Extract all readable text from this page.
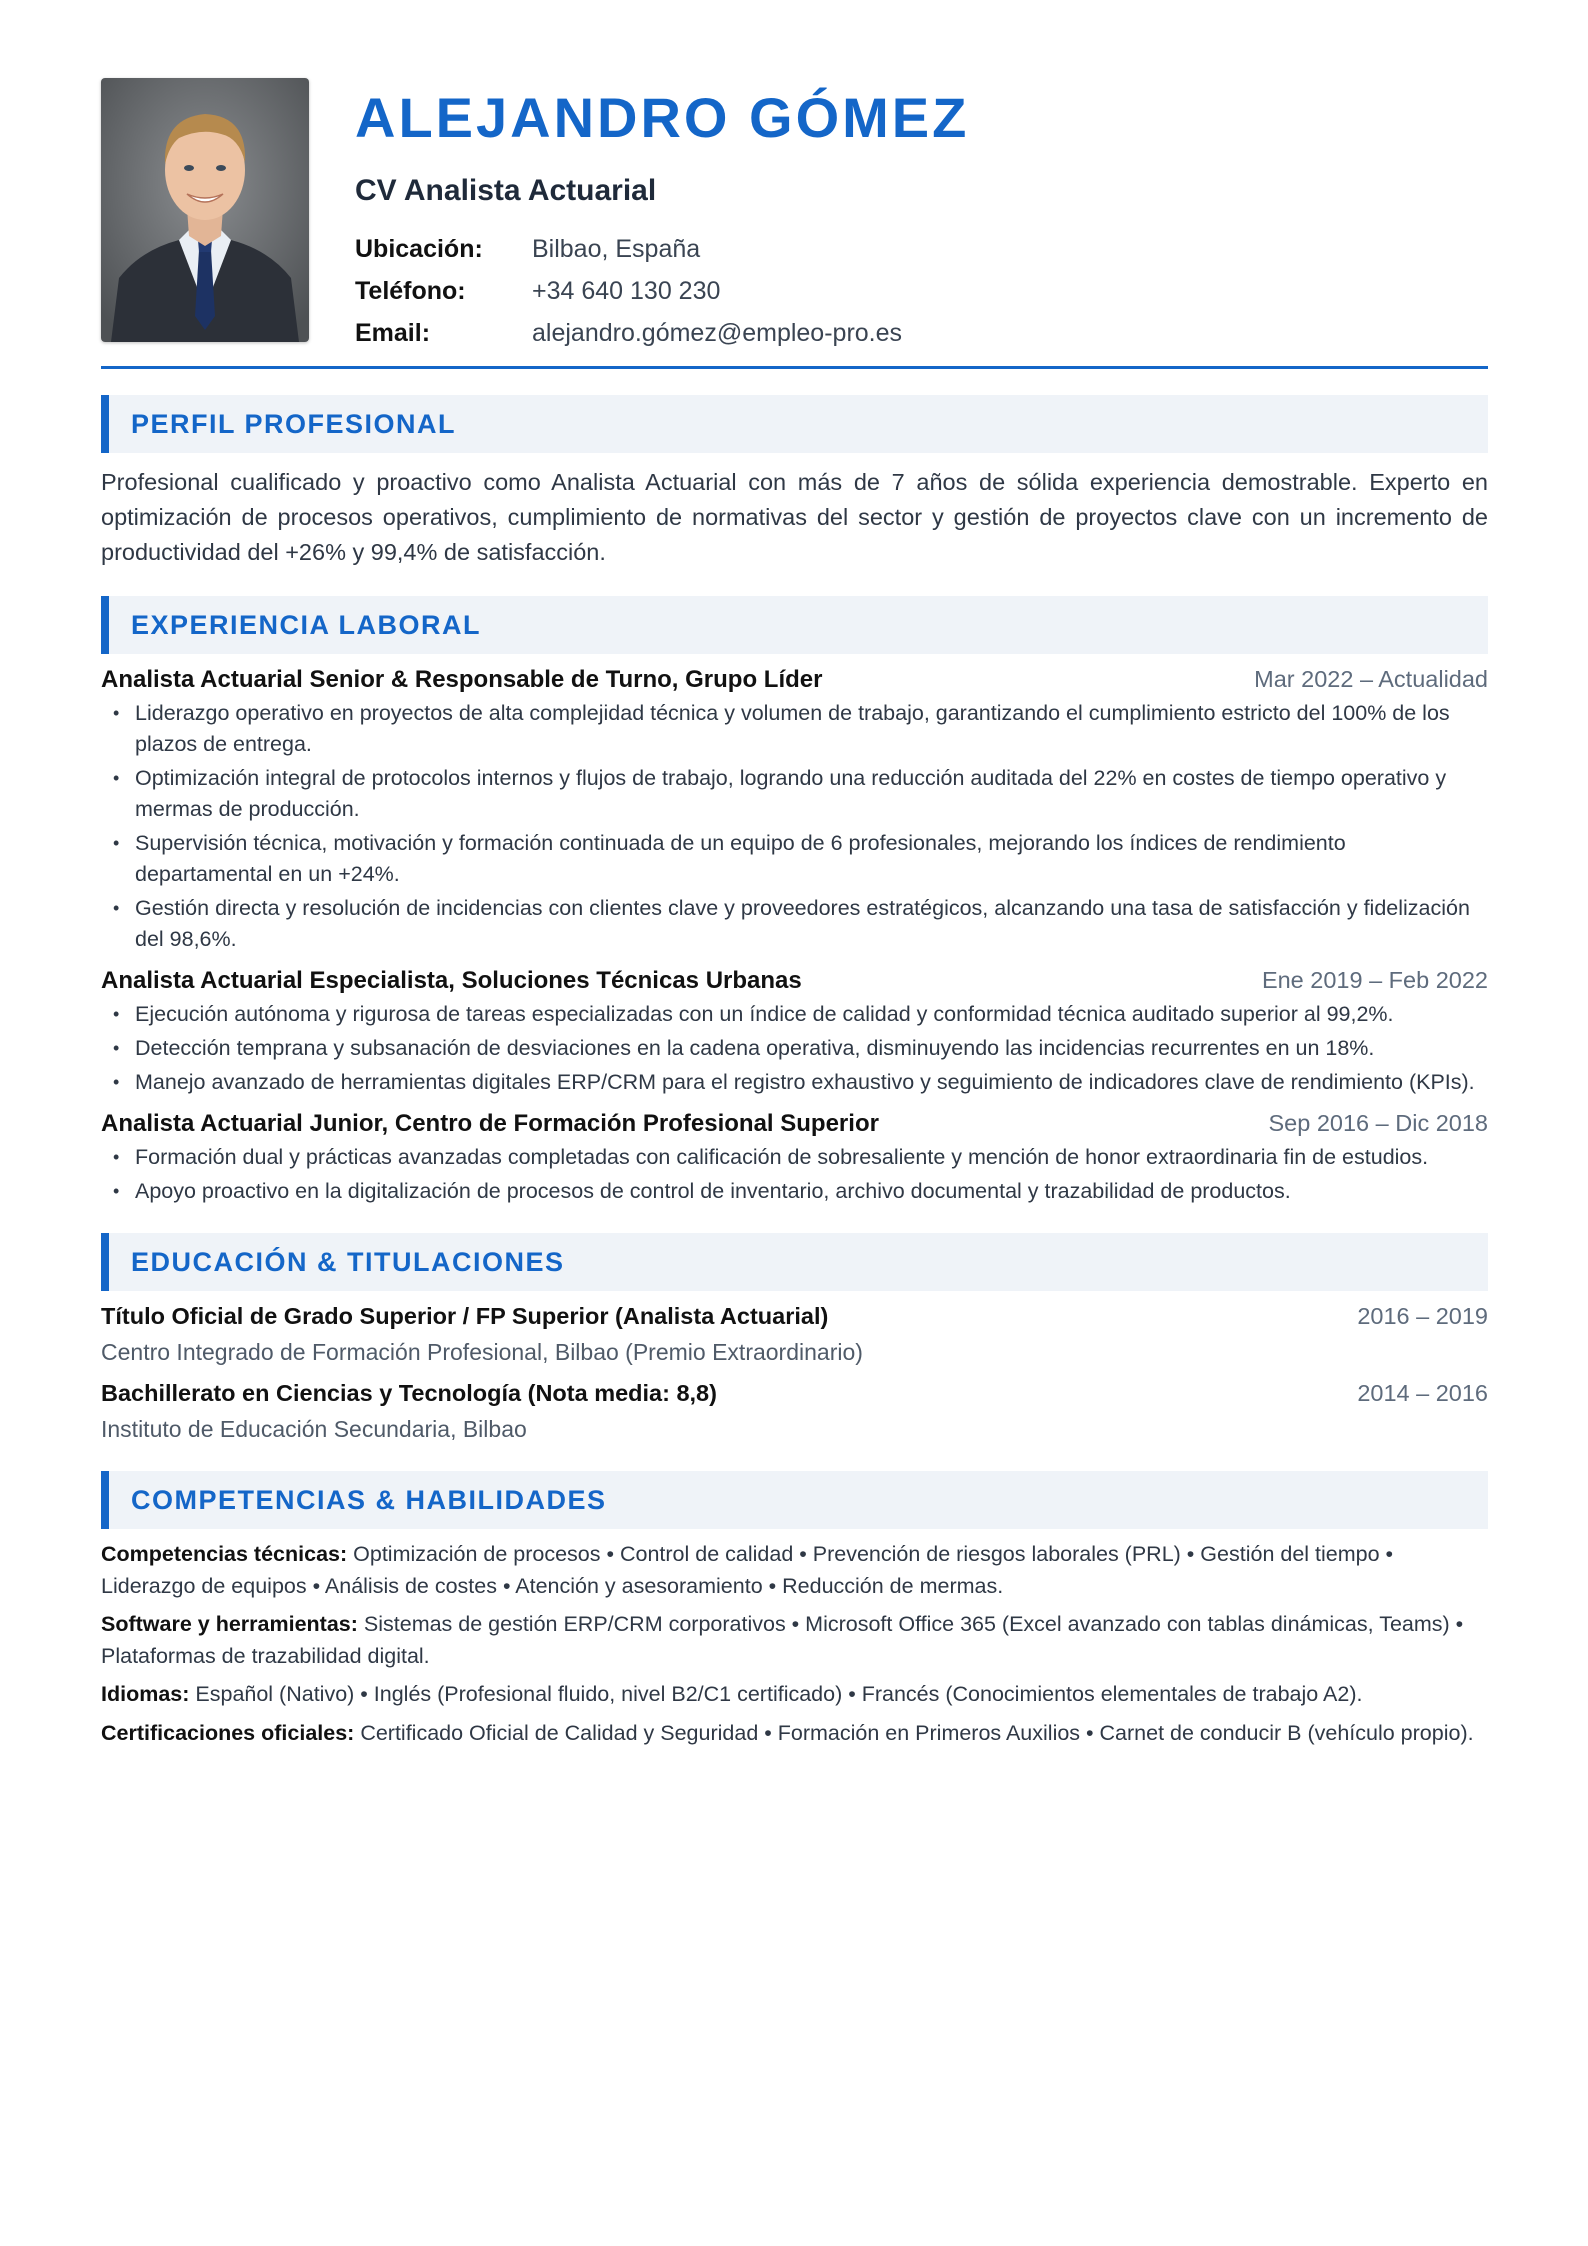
ALEJANDRO GÓMEZ
CV Analista Actuarial
Ubicación:	Bilbao, España
Teléfono:	+34 640 130 230
Email:	alejandro.gómez@empleo-pro.es
PERFIL PROFESIONAL

Profesional cualificado y proactivo como Analista Actuarial con más de 7 años de sólida experiencia demostrable. Experto en optimización de procesos operativos, cumplimiento de normativas del sector y gestión de proyectos clave con un incremento de productividad del +26% y 99,4% de satisfacción.

EXPERIENCIA LABORAL
Analista Actuarial Senior & Responsable de Turno, Grupo Líder	Mar 2022 – Actualidad
• Liderazgo operativo en proyectos de alta complejidad técnica y volumen de trabajo, garantizando el cumplimiento estricto del 100% de los plazos de entrega.
• Optimización integral de protocolos internos y flujos de trabajo, logrando una reducción auditada del 22% en costes de tiempo operativo y mermas de producción.
• Supervisión técnica, motivación y formación continuada de un equipo de 6 profesionales, mejorando los índices de rendimiento departamental en un +24%.
• Gestión directa y resolución de incidencias con clientes clave y proveedores estratégicos, alcanzando una tasa de satisfacción y fidelización del 98,6%.
Analista Actuarial Especialista, Soluciones Técnicas Urbanas	Ene 2019 – Feb 2022
• Ejecución autónoma y rigurosa de tareas especializadas con un índice de calidad y conformidad técnica auditado superior al 99,2%.
• Detección temprana y subsanación de desviaciones en la cadena operativa, disminuyendo las incidencias recurrentes en un 18%.
• Manejo avanzado de herramientas digitales ERP/CRM para el registro exhaustivo y seguimiento de indicadores clave de rendimiento (KPIs).
Analista Actuarial Junior, Centro de Formación Profesional Superior	Sep 2016 – Dic 2018
• Formación dual y prácticas avanzadas completadas con calificación de sobresaliente y mención de honor extraordinaria fin de estudios.
• Apoyo proactivo en la digitalización de procesos de control de inventario, archivo documental y trazabilidad de productos.
EDUCACIÓN & TITULACIONES
Título Oficial de Grado Superior / FP Superior (Analista Actuarial)	2016 – 2019
Centro Integrado de Formación Profesional, Bilbao (Premio Extraordinario)
Bachillerato en Ciencias y Tecnología (Nota media: 8,8)	2014 – 2016
Instituto de Educación Secundaria, Bilbao
COMPETENCIAS & HABILIDADES

Competencias técnicas: Optimización de procesos • Control de calidad • Prevención de riesgos laborales (PRL) • Gestión del tiempo • Liderazgo de equipos • Análisis de costes • Atención y asesoramiento • Reducción de mermas.

Software y herramientas: Sistemas de gestión ERP/CRM corporativos • Microsoft Office 365 (Excel avanzado con tablas dinámicas, Teams) • Plataformas de trazabilidad digital.

Idiomas: Español (Nativo) • Inglés (Profesional fluido, nivel B2/C1 certificado) • Francés (Conocimientos elementales de trabajo A2).

Certificaciones oficiales: Certificado Oficial de Calidad y Seguridad • Formación en Primeros Auxilios • Carnet de conducir B (vehículo propio).
